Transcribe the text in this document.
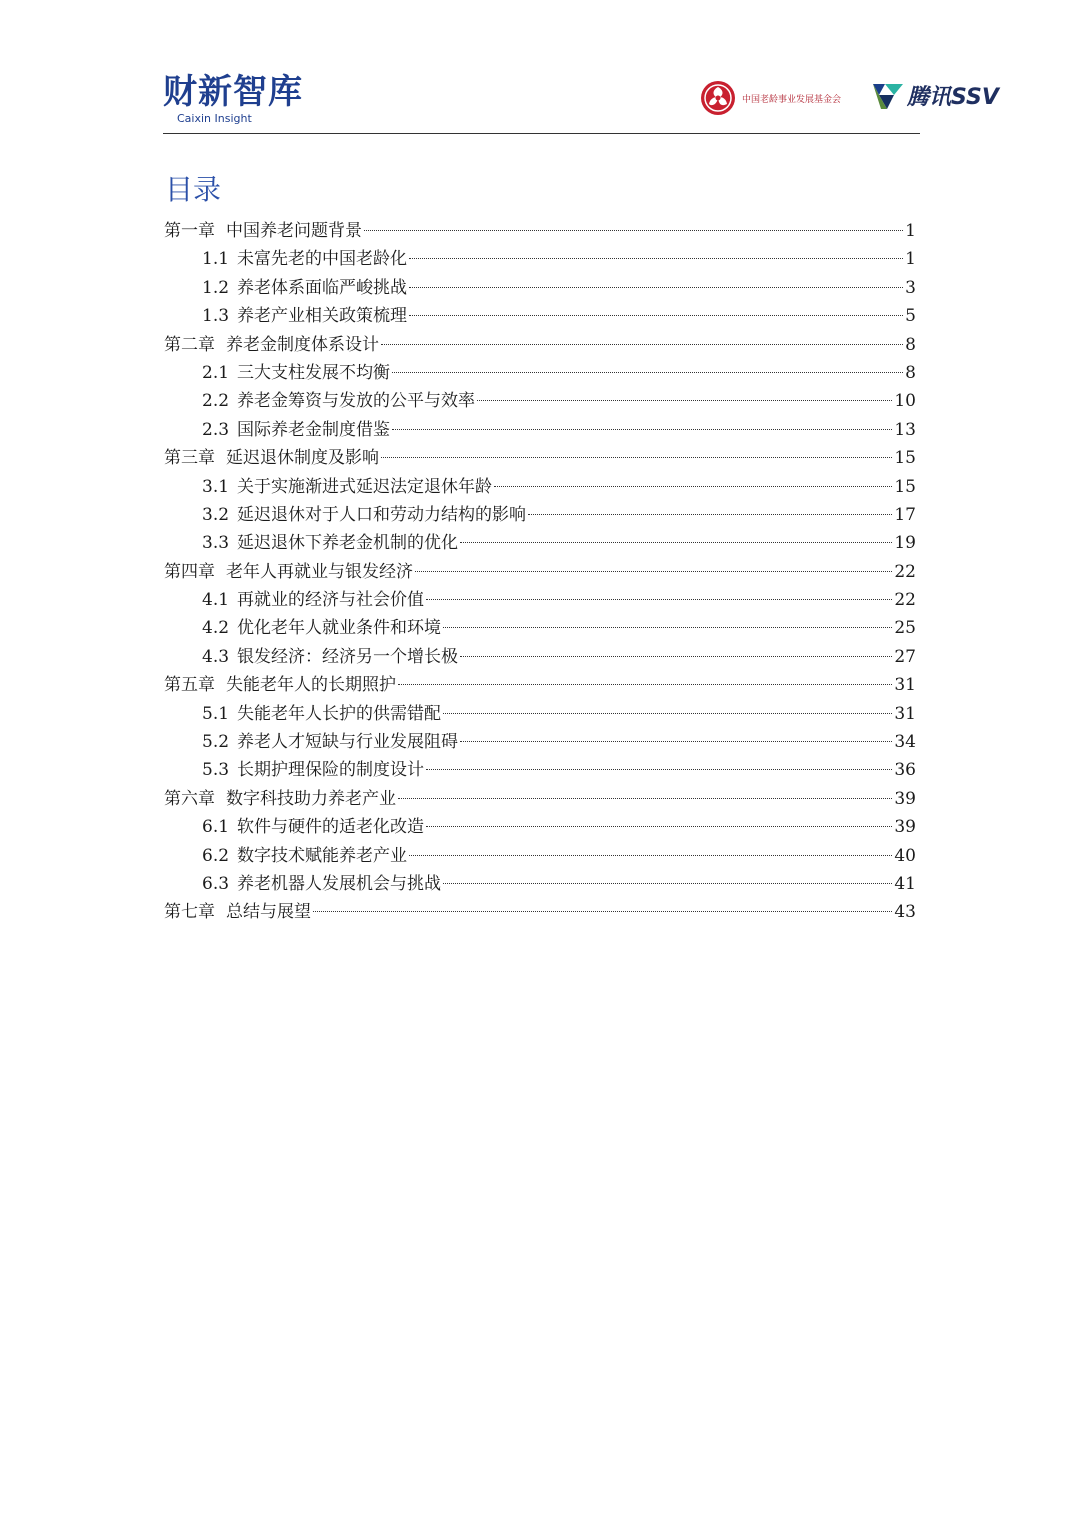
财新智库
Caixin Insight
中国老龄事业发展基金会	腾讯SSV
目录
第一章 中国养老问题背景	1
1.1 未富先老的中国老龄化	1
1.2 养老体系面临严峻挑战	3
1.3 养老产业相关政策梳理	5
第二章 养老金制度体系设计	8
2.1 三大支柱发展不均衡	8
2.2 养老金筹资与发放的公平与效率	10
2.3 国际养老金制度借鉴	13
第三章 延迟退休制度及影响	15
3.1 关于实施渐进式延迟法定退休年龄	15
3.2 延迟退休对于人口和劳动力结构的影响	17
3.3 延迟退休下养老金机制的优化	19
第四章 老年人再就业与银发经济	22
4.1 再就业的经济与社会价值	22
4.2 优化老年人就业条件和环境	25
4.3 银发经济：经济另一个增长极	27
第五章 失能老年人的长期照护	31
5.1 失能老年人长护的供需错配	31
5.2 养老人才短缺与行业发展阻碍	34
5.3 长期护理保险的制度设计	36
第六章 数字科技助力养老产业	39
6.1 软件与硬件的适老化改造	39
6.2 数字技术赋能养老产业	40
6.3 养老机器人发展机会与挑战	41
第七章 总结与展望	43
